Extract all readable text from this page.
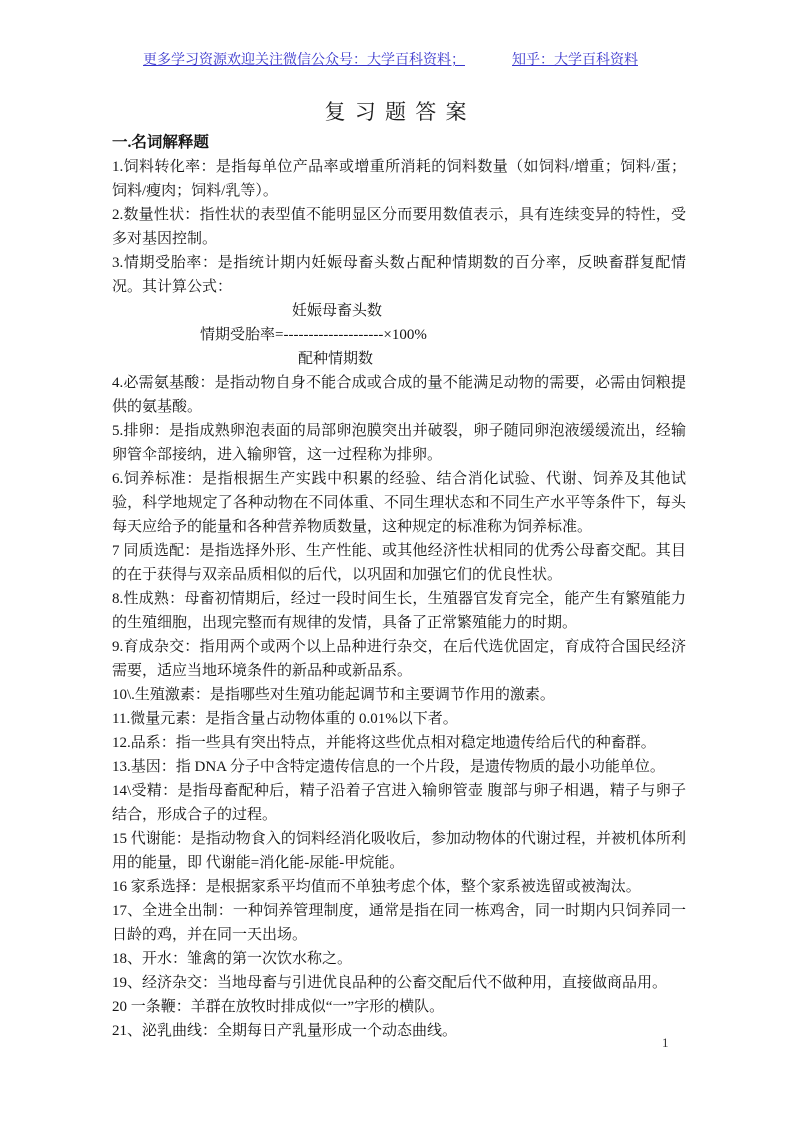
更多学习资源欢迎关注微信公众号：大学百科资料；	知乎：大学百科资料
复 习 题 答 案
一.名词解释题

1.饲料转化率：是指每单位产品率或增重所消耗的饲料数量（如饲料/增重；饲料/蛋；饲料/瘦肉；饲料/乳等）。

2.数量性状：指性状的表型值不能明显区分而要用数值表示，具有连续变异的特性，受多对基因控制。

3.情期受胎率：是指统计期内妊娠母畜头数占配种情期数的百分率，反映畜群复配情况。其计算公式：

妊娠母畜头数
情期受胎率=--------------------×100%
配种情期数

4.必需氨基酸：是指动物自身不能合成或合成的量不能满足动物的需要，必需由饲粮提供的氨基酸。

5.排卵：是指成熟卵泡表面的局部卵泡膜突出并破裂，卵子随同卵泡液缓缓流出，经输卵管伞部接纳，进入输卵管，这一过程称为排卵。

6.饲养标准：是指根据生产实践中积累的经验、结合消化试验、代谢、饲养及其他试验，科学地规定了各种动物在不同体重、不同生理状态和不同生产水平等条件下，每头每天应给予的能量和各种营养物质数量，这种规定的标准称为饲养标准。

7 同质选配：是指选择外形、生产性能、或其他经济性状相同的优秀公母畜交配。其目的在于获得与双亲品质相似的后代，以巩固和加强它们的优良性状。

8.性成熟：母畜初情期后，经过一段时间生长，生殖器官发育完全，能产生有繁殖能力的生殖细胞，出现完整而有规律的发情，具备了正常繁殖能力的时期。

9.育成杂交：指用两个或两个以上品种进行杂交，在后代选优固定，育成符合国民经济需要，适应当地环境条件的新品种或新品系。

10\.生殖激素：是指哪些对生殖功能起调节和主要调节作用的激素。

11.微量元素：是指含量占动物体重的 0.01%以下者。

12.品系：指一些具有突出特点，并能将这些优点相对稳定地遗传给后代的种畜群。

13.基因：指 DNA 分子中含特定遗传信息的一个片段，是遗传物质的最小功能单位。

14\受精：是指母畜配种后，精子沿着子宫进入输卵管壶 腹部与卵子相遇，精子与卵子结合，形成合子的过程。

15 代谢能：是指动物食入的饲料经消化吸收后，参加动物体的代谢过程，并被机体所利用的能量，即 代谢能=消化能-尿能-甲烷能。

16 家系选择：是根据家系平均值而不单独考虑个体，整个家系被选留或被淘汰。

17、全进全出制：一种饲养管理制度，通常是指在同一栋鸡舍，同一时期内只饲养同一日龄的鸡，并在同一天出场。

18、开水：雏禽的第一次饮水称之。

19、经济杂交：当地母畜与引进优良品种的公畜交配后代不做种用，直接做商品用。

20 一条鞭：羊群在放牧时排成似“一”字形的横队。

21、泌乳曲线：全期每日产乳量形成一个动态曲线。

1
